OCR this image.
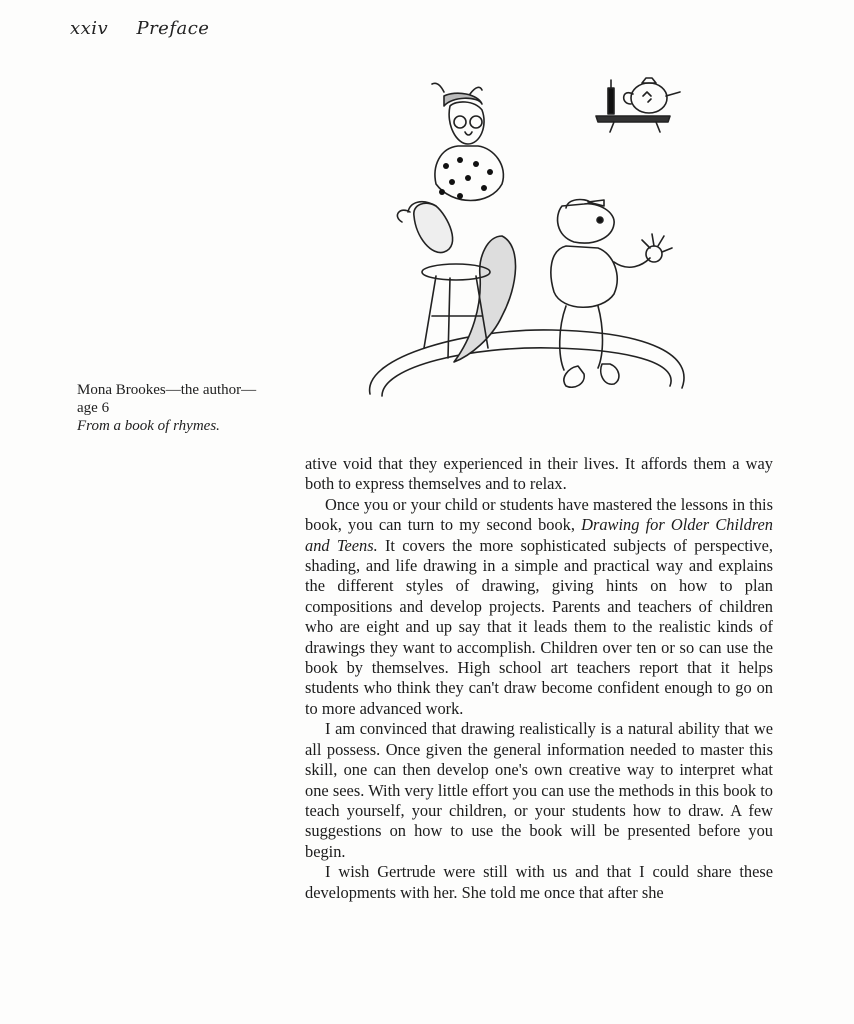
xxiv Preface
Mona Brookes—the author—
age 6
From a book of rhymes.

ative void that they experienced in their lives. It affords them a way both to express themselves and to relax.

Once you or your child or students have mastered the lessons in this book, you can turn to my second book, Drawing for Older Children and Teens. It covers the more sophisticated subjects of perspective, shading, and life drawing in a simple and practical way and explains the different styles of drawing, giving hints on how to plan compositions and develop projects. Parents and teachers of children who are eight and up say that it leads them to the realistic kinds of drawings they want to accomplish. Children over ten or so can use the book by themselves. High school art teachers report that it helps students who think they can't draw become confident enough to go on to more advanced work.

I am convinced that drawing realistically is a natural ability that we all possess. Once given the general information needed to master this skill, one can then develop one's own creative way to interpret what one sees. With very little effort you can use the methods in this book to teach yourself, your children, or your students how to draw. A few suggestions on how to use the book will be presented before you begin.

I wish Gertrude were still with us and that I could share these developments with her. She told me once that after she
